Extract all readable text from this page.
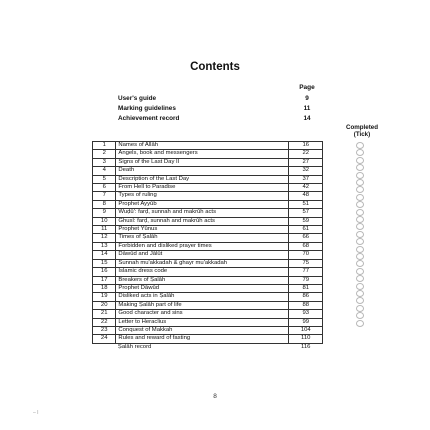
Contents
Page
User's guide	9
Marking guidelines	11
Achievement record	14
Completed
(Tick)
1	Names of Allāh	16
2	Angels, book and messengers	22
3	Signs of the Last Day II	27
4	Death	32
5	Description of the Last Day	37
6	From Hell to Paradise	42
7	Types of ruling	48
8	Prophet Ayyūb	51
9	Wuḍū': farḍ, sunnah and makrūh acts	57
10	Ghusl: farḍ, sunnah and makrūh acts	59
11	Prophet Yūnus	61
12	Times of Ṣalāh	66
13	Forbidden and disliked prayer times	68
14	Dāwūd and Jālūt	70
15	Sunnah mu'akkadah & ghayr mu'akkadah	75
16	Islamic dress code	77
17	Breakers of Ṣalāh	79
18	Prophet Dāwūd	81
19	Disliked acts in Ṣalāh	86
20	Making Ṣalāh part of life	88
21	Good character and sins	93
22	Letter to Heraclius	99
23	Conquest of Makkah	104
24	Rules and reward of fasting	110
	Ṣalāh record	116
8
– I
